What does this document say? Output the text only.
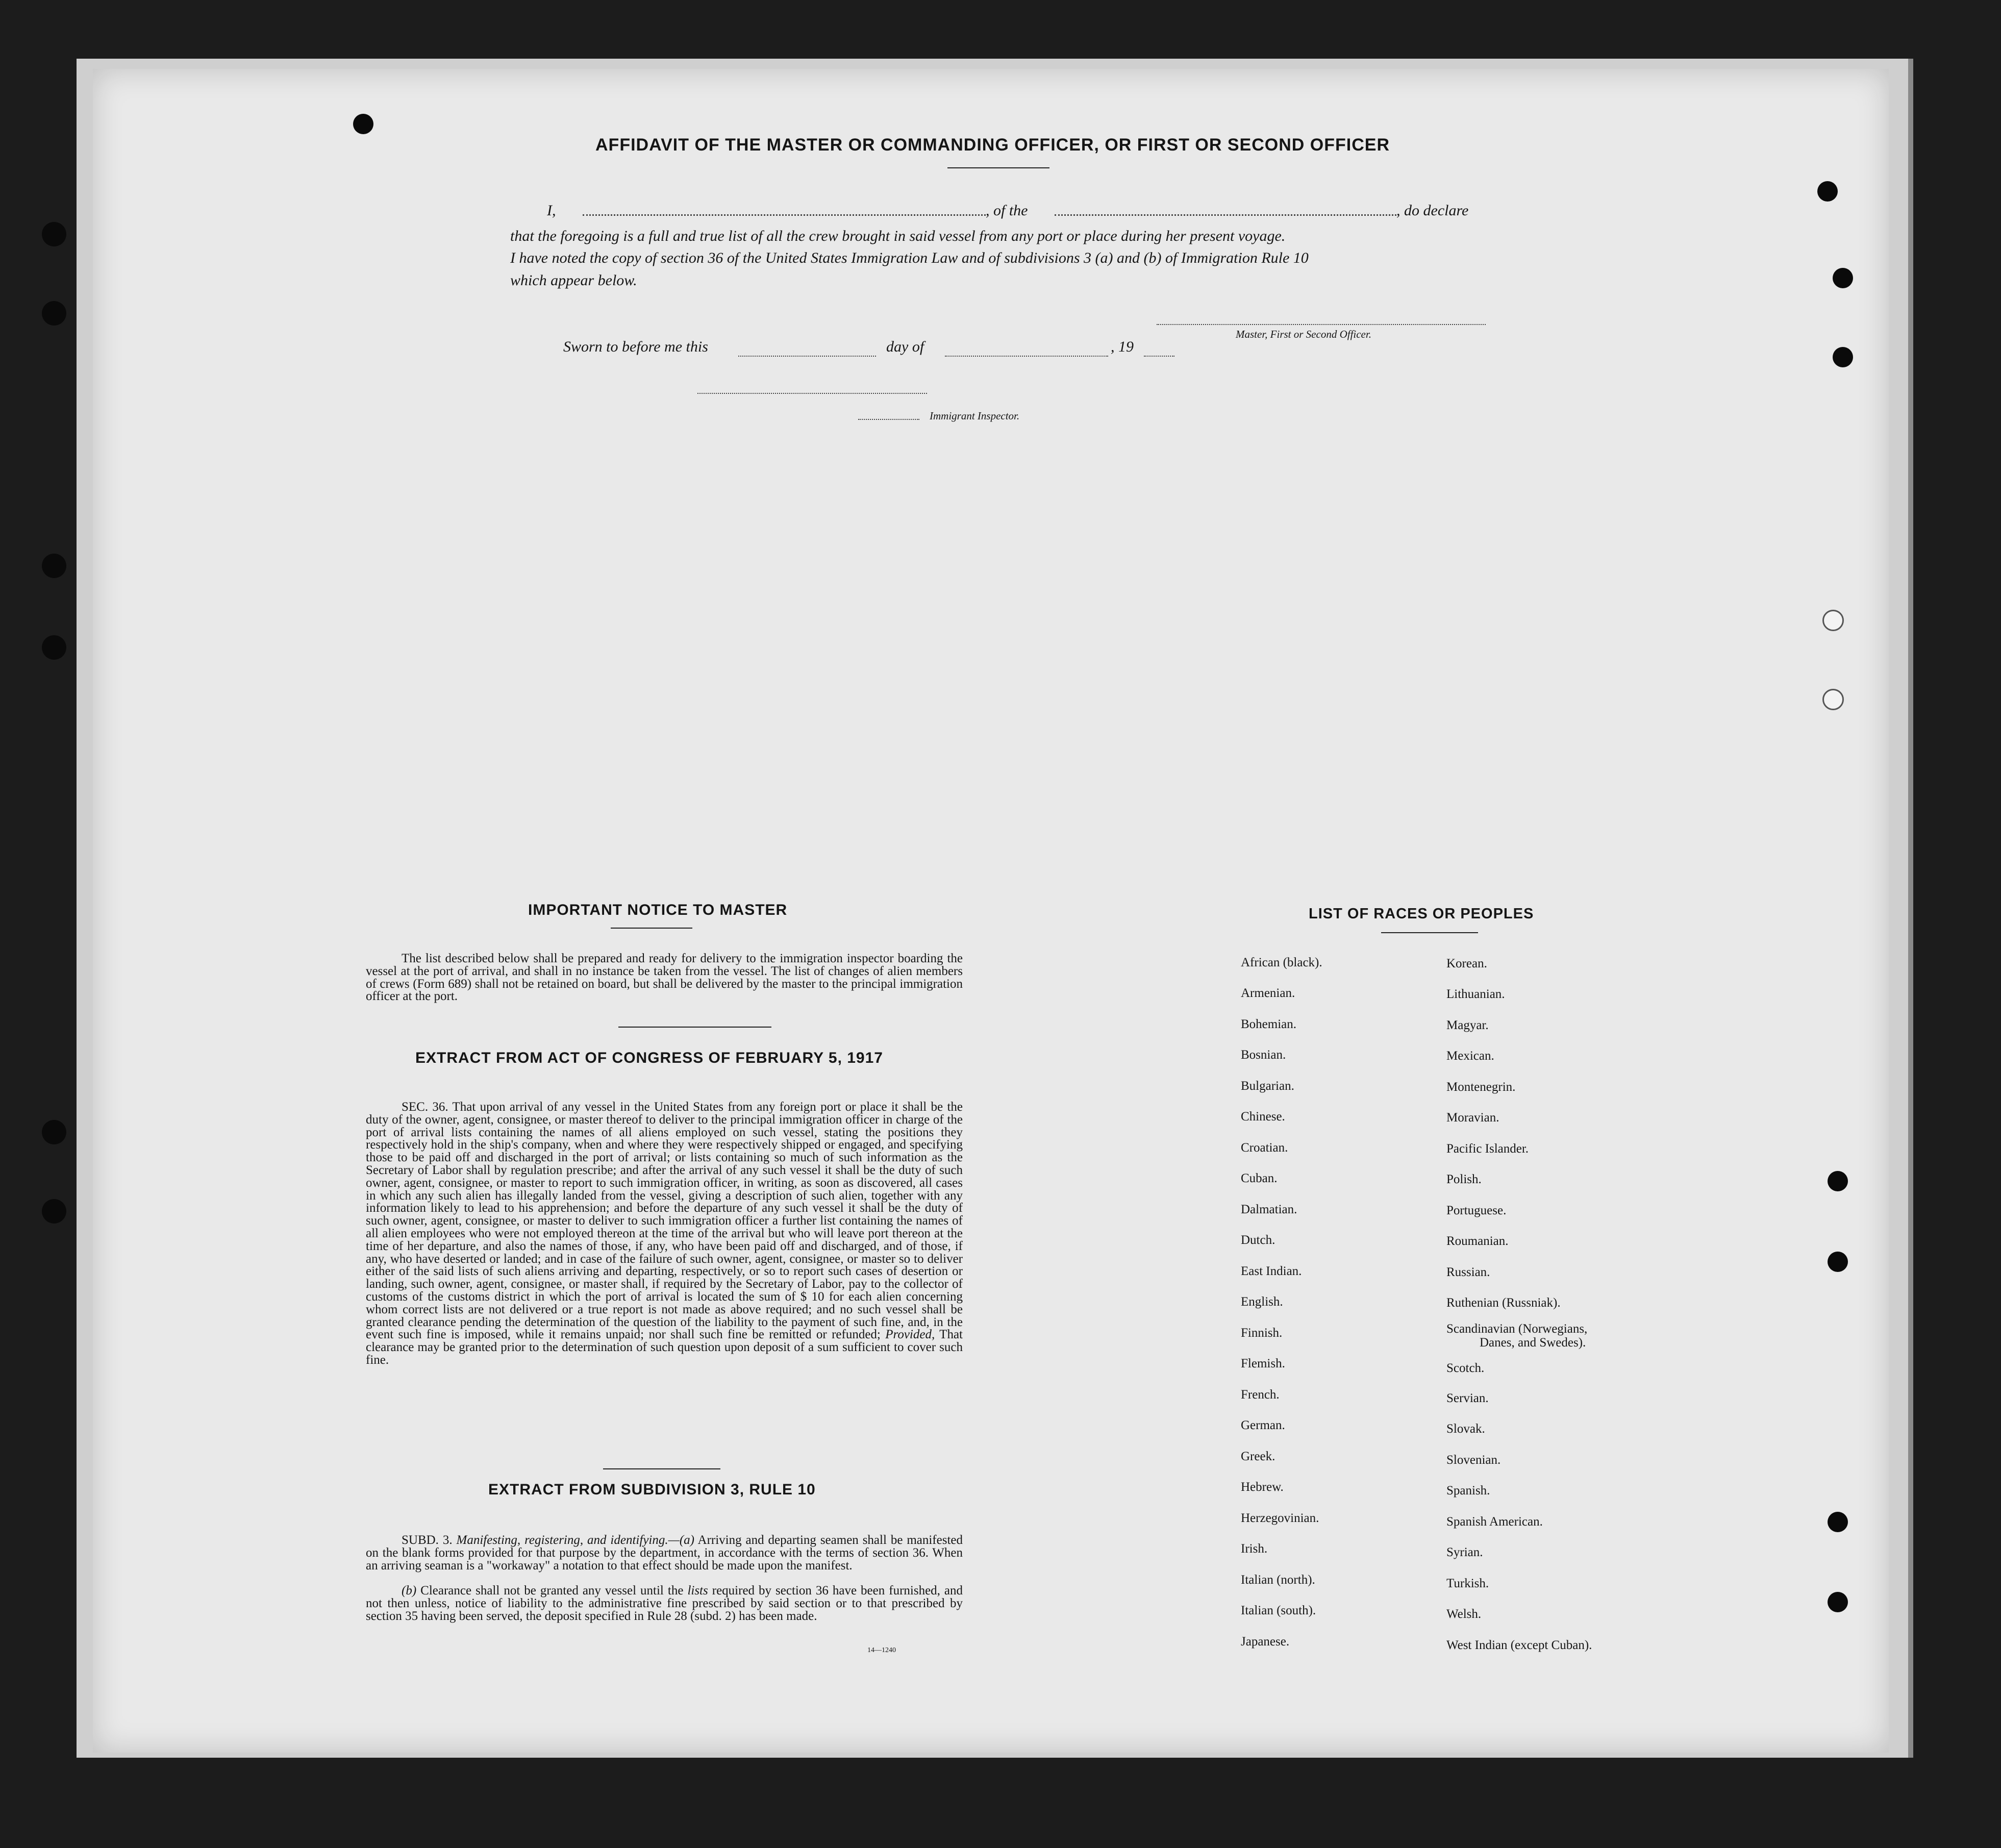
AFFIDAVIT OF THE MASTER OR COMMANDING OFFICER, OR FIRST OR SECOND OFFICER
I,	, of the	, do declare
that the foregoing is a full and true list of all the crew brought in said vessel from any port or place during her present voyage.
I have noted the copy of section 36 of the United States Immigration Law and of subdivisions 3 (a) and (b) of Immigration Rule 10
which appear below.
Master, First or Second Officer.
Sworn to before me this	day of	, 19
Immigrant Inspector.
IMPORTANT NOTICE TO MASTER
The list described below shall be prepared and ready for delivery to the immigration inspector boarding the vessel at the port of arrival, and shall in no instance be taken from the vessel. The list of changes of alien members of crews (Form 689) shall not be retained on board, but shall be delivered by the master to the principal immigration officer at the port.
EXTRACT FROM ACT OF CONGRESS OF FEBRUARY 5, 1917
SEC. 36. That upon arrival of any vessel in the United States from any foreign port or place it shall be the duty of the owner, agent, consignee, or master thereof to deliver to the principal immigration officer in charge of the port of arrival lists containing the names of all aliens employed on such vessel, stating the positions they respectively hold in the ship's company, when and where they were respectively shipped or engaged, and specifying those to be paid off and discharged in the port of arrival; or lists containing so much of such information as the Secretary of Labor shall by regulation prescribe; and after the arrival of any such vessel it shall be the duty of such owner, agent, consignee, or master to report to such immigration officer, in writing, as soon as discovered, all cases in which any such alien has illegally landed from the vessel, giving a description of such alien, together with any information likely to lead to his apprehension; and before the departure of any such vessel it shall be the duty of such owner, agent, consignee, or master to deliver to such immigration officer a further list containing the names of all alien employees who were not employed thereon at the time of the arrival but who will leave port thereon at the time of her departure, and also the names of those, if any, who have been paid off and discharged, and of those, if any, who have deserted or landed; and in case of the failure of such owner, agent, consignee, or master so to deliver either of the said lists of such aliens arriving and departing, respectively, or so to report such cases of desertion or landing, such owner, agent, consignee, or master shall, if required by the Secretary of Labor, pay to the collector of customs of the customs district in which the port of arrival is located the sum of $ 10 for each alien concerning whom correct lists are not delivered or a true report is not made as above required; and no such vessel shall be granted clearance pending the determination of the question of the liability to the payment of such fine, and, in the event such fine is imposed, while it remains unpaid; nor shall such fine be remitted or refunded; Provided, That clearance may be granted prior to the determination of such question upon deposit of a sum sufficient to cover such fine.
EXTRACT FROM SUBDIVISION 3, RULE 10
SUBD. 3. Manifesting, registering, and identifying.—(a) Arriving and departing seamen shall be manifested on the blank forms provided for that purpose by the department, in accordance with the terms of section 36. When an arriving seaman is a "workaway" a notation to that effect should be made upon the manifest.
(b) Clearance shall not be granted any vessel until the lists required by section 36 have been furnished, and not then unless, notice of liability to the administrative fine prescribed by said section or to that prescribed by section 35 having been served, the deposit specified in Rule 28 (subd. 2) has been made.
14—1240
LIST OF RACES OR PEOPLES
African (black).
Armenian.
Bohemian.
Bosnian.
Bulgarian.
Chinese.
Croatian.
Cuban.
Dalmatian.
Dutch.
East Indian.
English.
Finnish.
Flemish.
French.
German.
Greek.
Hebrew.
Herzegovinian.
Irish.
Italian (north).
Italian (south).
Japanese.
Korean.
Lithuanian.
Magyar.
Mexican.
Montenegrin.
Moravian.
Pacific Islander.
Polish.
Portuguese.
Roumanian.
Russian.
Ruthenian (Russniak).
Scandinavian (Norwegians,
Danes, and Swedes).
Scotch.
Servian.
Slovak.
Slovenian.
Spanish.
Spanish American.
Syrian.
Turkish.
Welsh.
West Indian (except Cuban).
